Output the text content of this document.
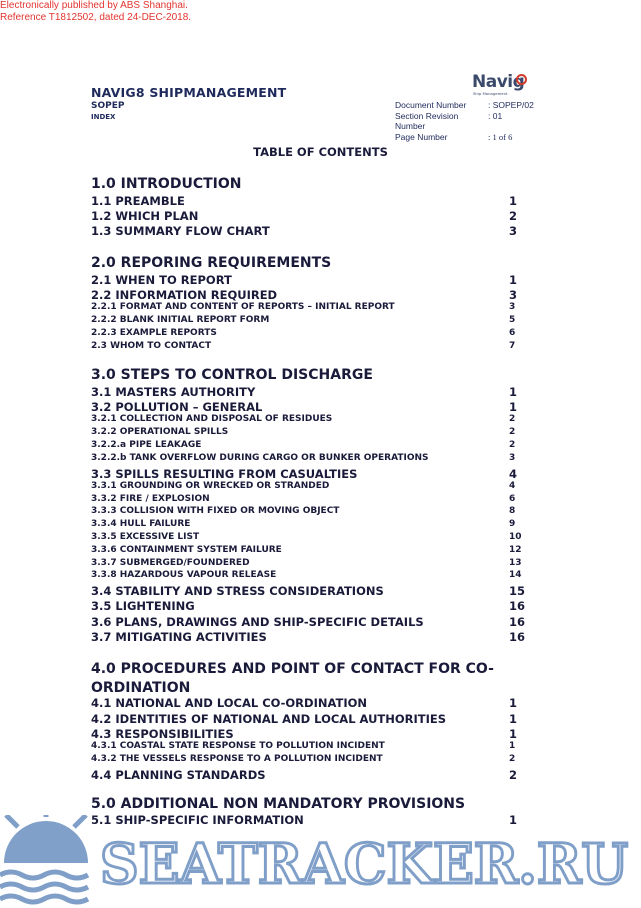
Electronically published by ABS Shanghai.
Reference T1812502, dated 24-DEC-2018.
NAVIG8 SHIPMANAGEMENT
SOPEP
INDEX
Navig
Ship Management
Document Number	: SOPEP/02
Section Revision Number
: 01
Page Number	: 1 of 6
TABLE OF CONTENTS
1.0 INTRODUCTION
1.1 PREAMBLE	1
1.2 WHICH PLAN	2
1.3 SUMMARY FLOW CHART	3
2.0 REPORING REQUIREMENTS
2.1 WHEN TO REPORT	1
2.2 INFORMATION REQUIRED	3
2.2.1 FORMAT AND CONTENT OF REPORTS – INITIAL REPORT	3
2.2.2 BLANK INITIAL REPORT FORM	5
2.2.3 EXAMPLE REPORTS	6
2.3 WHOM TO CONTACT	7
3.0 STEPS TO CONTROL DISCHARGE
3.1 MASTERS AUTHORITY	1
3.2 POLLUTION – GENERAL	1
3.2.1 COLLECTION AND DISPOSAL OF RESIDUES	2
3.2.2 OPERATIONAL SPILLS	2
3.2.2.a PIPE LEAKAGE	2
3.2.2.b TANK OVERFLOW DURING CARGO OR BUNKER OPERATIONS	3
3.3 SPILLS RESULTING FROM CASUALTIES	4
3.3.1 GROUNDING OR WRECKED OR STRANDED	4
3.3.2 FIRE / EXPLOSION	6
3.3.3 COLLISION WITH FIXED OR MOVING OBJECT	8
3.3.4 HULL FAILURE	9
3.3.5 EXCESSIVE LIST	10
3.3.6 CONTAINMENT SYSTEM FAILURE	12
3.3.7 SUBMERGED/FOUNDERED	13
3.3.8 HAZARDOUS VAPOUR RELEASE	14
3.4 STABILITY AND STRESS CONSIDERATIONS	15
3.5 LIGHTENING	16
3.6 PLANS, DRAWINGS AND SHIP-SPECIFIC DETAILS	16
3.7 MITIGATING ACTIVITIES	16
4.0 PROCEDURES AND POINT OF CONTACT FOR CO-
ORDINATION
4.1 NATIONAL AND LOCAL CO-ORDINATION	1
4.2 IDENTITIES OF NATIONAL AND LOCAL AUTHORITIES	1
4.3 RESPONSIBILITIES	1
4.3.1 COASTAL STATE RESPONSE TO POLLUTION INCIDENT	1
4.3.2 THE VESSELS RESPONSE TO A POLLUTION INCIDENT	2
4.4 PLANNING STANDARDS	2
5.0 ADDITIONAL NON MANDATORY PROVISIONS
5.1 SHIP-SPECIFIC INFORMATION	1
SEATRACKER.RU
